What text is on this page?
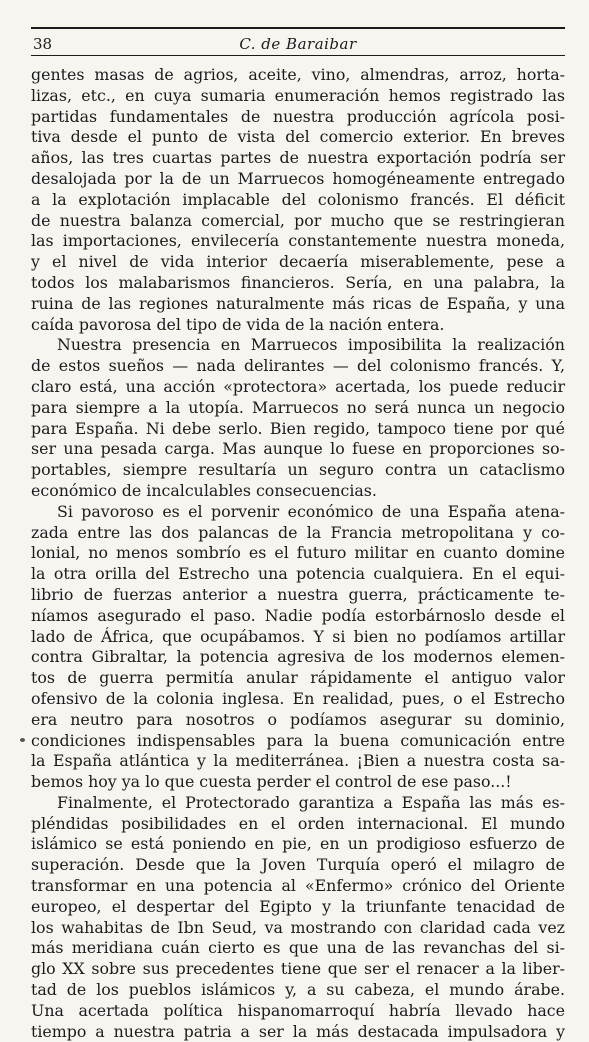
38	C. de Baraibar

gentes masas de agrios, aceite, vino, almendras, arroz, horta-
lizas, etc., en cuya sumaria enumeración hemos registrado las
partidas fundamentales de nuestra producción agrícola posi-
tiva desde el punto de vista del comercio exterior. En breves
años, las tres cuartas partes de nuestra exportación podría ser
desalojada por la de un Marruecos homogéneamente entregado
a la explotación implacable del colonismo francés. El déficit
de nuestra balanza comercial, por mucho que se restringieran
las importaciones, envilecería constantemente nuestra moneda,
y el nivel de vida interior decaería miserablemente, pese a
todos los malabarismos financieros. Sería, en una palabra, la
ruina de las regiones naturalmente más ricas de España, y una
caída pavorosa del tipo de vida de la nación entera.

Nuestra presencia en Marruecos imposibilita la realización
de estos sueños — nada delirantes — del colonismo francés. Y,
claro está, una acción «protectora» acertada, los puede reducir
para siempre a la utopía. Marruecos no será nunca un negocio
para España. Ni debe serlo. Bien regido, tampoco tiene por qué
ser una pesada carga. Mas aunque lo fuese en proporciones so-
portables, siempre resultaría un seguro contra un cataclismo
económico de incalculables consecuencias.

Si pavoroso es el porvenir económico de una España atena-
zada entre las dos palancas de la Francia metropolitana y co-
lonial, no menos sombrío es el futuro militar en cuanto domine
la otra orilla del Estrecho una potencia cualquiera. En el equi-
librio de fuerzas anterior a nuestra guerra, prácticamente te-
níamos asegurado el paso. Nadie podía estorbárnoslo desde el
lado de África, que ocupábamos. Y si bien no podíamos artillar
contra Gibraltar, la potencia agresiva de los modernos elemen-
tos de guerra permitía anular rápidamente el antiguo valor
ofensivo de la colonia inglesa. En realidad, pues, o el Estrecho
era neutro para nosotros o podíamos asegurar su dominio,
condiciones indispensables para la buena comunicación entre
la España atlántica y la mediterránea. ¡Bien a nuestra costa sa-
bemos hoy ya lo que cuesta perder el control de ese paso...!

Finalmente, el Protectorado garantiza a España las más es-
pléndidas posibilidades en el orden internacional. El mundo
islámico se está poniendo en pie, en un prodigioso esfuerzo de
superación. Desde que la Joven Turquía operó el milagro de
transformar en una potencia al «Enfermo» crónico del Oriente
europeo, el despertar del Egipto y la triunfante tenacidad de
los wahabitas de Ibn Seud, va mostrando con claridad cada vez
más meridiana cuán cierto es que una de las revanchas del si-
glo XX sobre sus precedentes tiene que ser el renacer a la liber-
tad de los pueblos islámicos y, a su cabeza, el mundo árabe.
Una acertada política hispanomarroquí habría llevado hace
tiempo a nuestra patria a ser la más destacada impulsadora y
